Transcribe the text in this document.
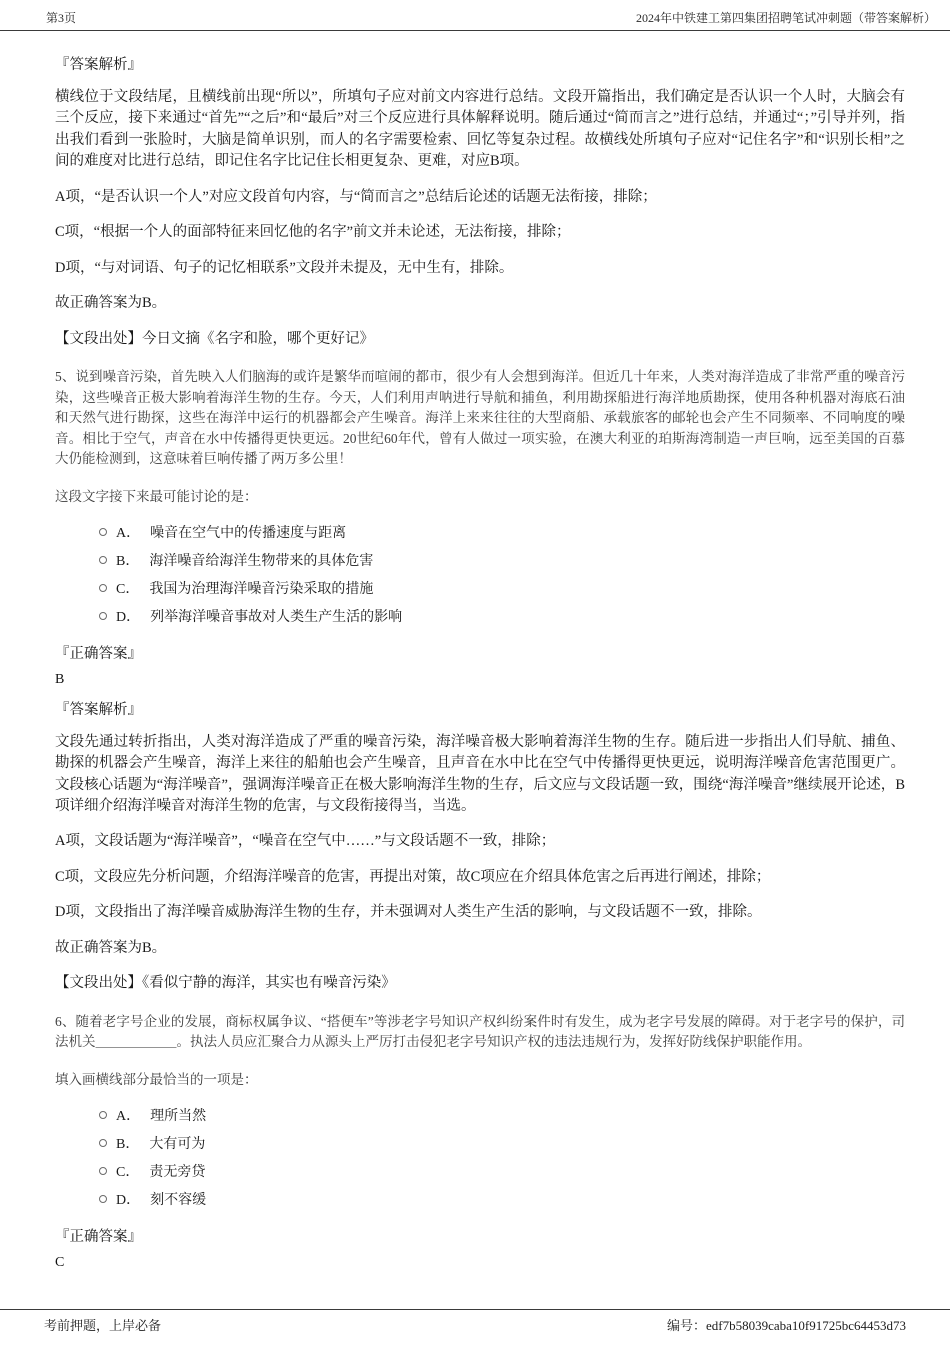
第3页	2024年中铁建工第四集团招聘笔试冲刺题（带答案解析）
『答案解析』
横线位于文段结尾，且横线前出现“所以”，所填句子应对前文内容进行总结。文段开篇指出，我们确定是否认识一个人时，大脑会有三个反应，接下来通过“首先”“之后”和“最后”对三个反应进行具体解释说明。随后通过“简而言之”进行总结，并通过“；”引导并列，指出我们看到一张脸时，大脑是简单识别，而人的名字需要检索、回忆等复杂过程。故横线处所填句子应对“记住名字”和“识别长相”之间的难度对比进行总结，即记住名字比记住长相更复杂、更难，对应B项。
A项，“是否认识一个人”对应文段首句内容，与“简而言之”总结后论述的话题无法衔接，排除；
C项，“根据一个人的面部特征来回忆他的名字”前文并未论述，无法衔接，排除；
D项，“与对词语、句子的记忆相联系”文段并未提及，无中生有，排除。
故正确答案为B。
【文段出处】今日文摘《名字和脸，哪个更好记》
5、说到噪音污染，首先映入人们脑海的或许是繁华而喧闹的都市，很少有人会想到海洋。但近几十年来，人类对海洋造成了非常严重的噪音污染，这些噪音正极大影响着海洋生物的生存。今天，人们利用声呐进行导航和捕鱼，利用勘探船进行海洋地质勘探，使用各种机器对海底石油和天然气进行勘探，这些在海洋中运行的机器都会产生噪音。海洋上来来往往的大型商船、承载旅客的邮轮也会产生不同频率、不同响度的噪音。相比于空气，声音在水中传播得更快更远。20世纪60年代，曾有人做过一项实验，在澳大利亚的珀斯海湾制造一声巨响，远至美国的百慕大仍能检测到，这意味着巨响传播了两万多公里！
这段文字接下来最可能讨论的是：
A． 噪音在空气中的传播速度与距离
B． 海洋噪音给海洋生物带来的具体危害
C． 我国为治理海洋噪音污染采取的措施
D． 列举海洋噪音事故对人类生产生活的影响
『正确答案』
B
『答案解析』
文段先通过转折指出，人类对海洋造成了严重的噪音污染，海洋噪音极大影响着海洋生物的生存。随后进一步指出人们导航、捕鱼、勘探的机器会产生噪音，海洋上来往的船舶也会产生噪音，且声音在水中比在空气中传播得更快更远，说明海洋噪音危害范围更广。文段核心话题为“海洋噪音”，强调海洋噪音正在极大影响海洋生物的生存，后文应与文段话题一致，围绕“海洋噪音”继续展开论述，B项详细介绍海洋噪音对海洋生物的危害，与文段衔接得当，当选。
A项，文段话题为“海洋噪音”，“噪音在空气中……”与文段话题不一致，排除；
C项，文段应先分析问题，介绍海洋噪音的危害，再提出对策，故C项应在介绍具体危害之后再进行阐述，排除；
D项，文段指出了海洋噪音威胁海洋生物的生存，并未强调对人类生产生活的影响，与文段话题不一致，排除。
故正确答案为B。
【文段出处】《看似宁静的海洋，其实也有噪音污染》
6、随着老字号企业的发展，商标权属争议、“搭便车”等涉老字号知识产权纠纷案件时有发生，成为老字号发展的障碍。对于老字号的保护，司法机关＿＿＿＿＿＿。执法人员应汇聚合力从源头上严厉打击侵犯老字号知识产权的违法违规行为，发挥好防线保护职能作用。
填入画横线部分最恰当的一项是：
A． 理所当然
B． 大有可为
C． 责无旁贷
D． 刻不容缓
『正确答案』
C
考前押题，上岸必备	编号：edf7b58039caba10f91725bc64453d73
